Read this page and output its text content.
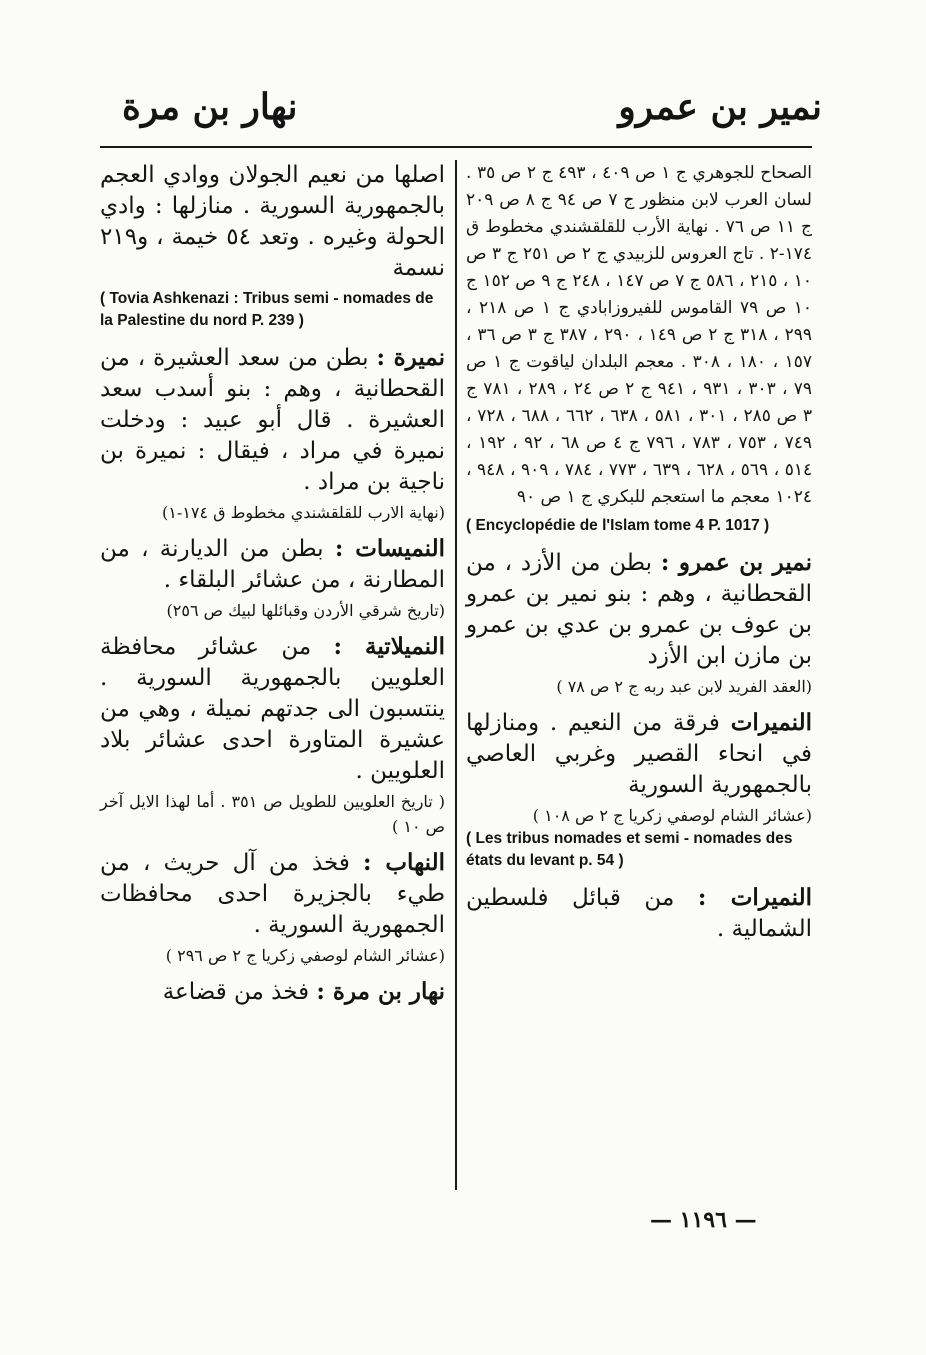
نمير بن عمرو
نهار بن مرة

الصحاح للجوهري ج ١ ص ٤٠٩ ، ٤٩٣ ج ٢ ص ٣٥ . لسان العرب لابن منظور ج ٧ ص ٩٤ ج ٨ ص ٢٠٩ ج ١١ ص ٧٦ . نهاية الأرب للقلقشندي مخطوط ق ١٧٤-٢ . تاج العروس للزبيدي ج ٢ ص ٢٥١ ج ٣ ص ١٠ ، ٢١٥ ، ٥٨٦ ج ٧ ص ١٤٧ ، ٢٤٨ ج ٩ ص ١٥٢ ج ١٠ ص ٧٩ القاموس للفيروزابادي ج ١ ص ٢١٨ ، ٢٩٩ ، ٣١٨ ج ٢ ص ١٤٩ ، ٢٩٠ ، ٣٨٧ ج ٣ ص ٣٦ ، ١٥٧ ، ١٨٠ ، ٣٠٨ . معجم البلدان لياقوت ج ١ ص ٧٩ ، ٣٠٣ ، ٩٣١ ، ٩٤١ ج ٢ ص ٢٤ ، ٢٨٩ ، ٧٨١ ج ٣ ص ٢٨٥ ، ٣٠١ ، ٥٨١ ، ٦٣٨ ، ٦٦٢ ، ٦٨٨ ، ٧٢٨ ، ٧٤٩ ، ٧٥٣ ، ٧٨٣ ، ٧٩٦ ج ٤ ص ٦٨ ، ٩٢ ، ١٩٢ ، ٥١٤ ، ٥٦٩ ، ٦٢٨ ، ٦٣٩ ، ٧٧٣ ، ٧٨٤ ، ٩٠٩ ، ٩٤٨ ، ١٠٢٤ معجم ما استعجم للبكري ج ١ ص ٩٠

( Encyclopédie de l'Islam tome 4 P. 1017 )

نمير بن عمرو : بطن من الأزد ، من القحطانية ، وهم : بنو نمير بن عمرو بن عوف بن عمرو بن عدي بن عمرو بن مازن ابن الأزد

(العقد الفريد لابن عبد ربه ج ٢ ص ٧٨ )

النميرات فرقة من النعيم . ومنازلها في انحاء القصير وغربي العاصي بالجمهورية السورية

(عشائر الشام لوصفي زكريا ج ٢ ص ١٠٨ )

( Les tribus nomades et semi - nomades des états du levant p. 54 )

النميرات : من قبائل فلسطين الشمالية .

اصلها من نعيم الجولان ووادي العجم بالجمهورية السورية . منازلها : وادي الحولة وغيره . وتعد ٥٤ خيمة ، و٢١٩ نسمة

( Tovia Ashkenazi : Tribus semi - nomades de la Palestine du nord P. 239 )

نميرة : بطن من سعد العشيرة ، من القحطانية ، وهم : بنو أسدب سعد العشيرة . قال أبو عبيد : ودخلت نميرة في مراد ، فيقال : نميرة بن ناجية بن مراد .

(نهاية الارب للقلقشندي مخطوط ق ١٧٤-١)

النميسات : بطن من الديارنة ، من المطارنة ، من عشائر البلقاء .

(تاريخ شرقي الأردن وقبائلها لبيك ص ٢٥٦)

النميلاتية : من عشائر محافظة العلويين بالجمهورية السورية . ينتسبون الى جدتهم نميلة ، وهي من عشيرة المتاورة احدى عشائر بلاد العلويين .

( تاريخ العلويين للطويل ص ٣٥١ . أما لهذا الايل آخر ص ١٠ )

النهاب : فخذ من آل حريث ، من طيء بالجزيرة احدى محافظات الجمهورية السورية .

(عشائر الشام لوصفي زكريا ج ٢ ص ٢٩٦ )

نهار بن مرة : فخذ من قضاعة

— ١١٩٦ —
